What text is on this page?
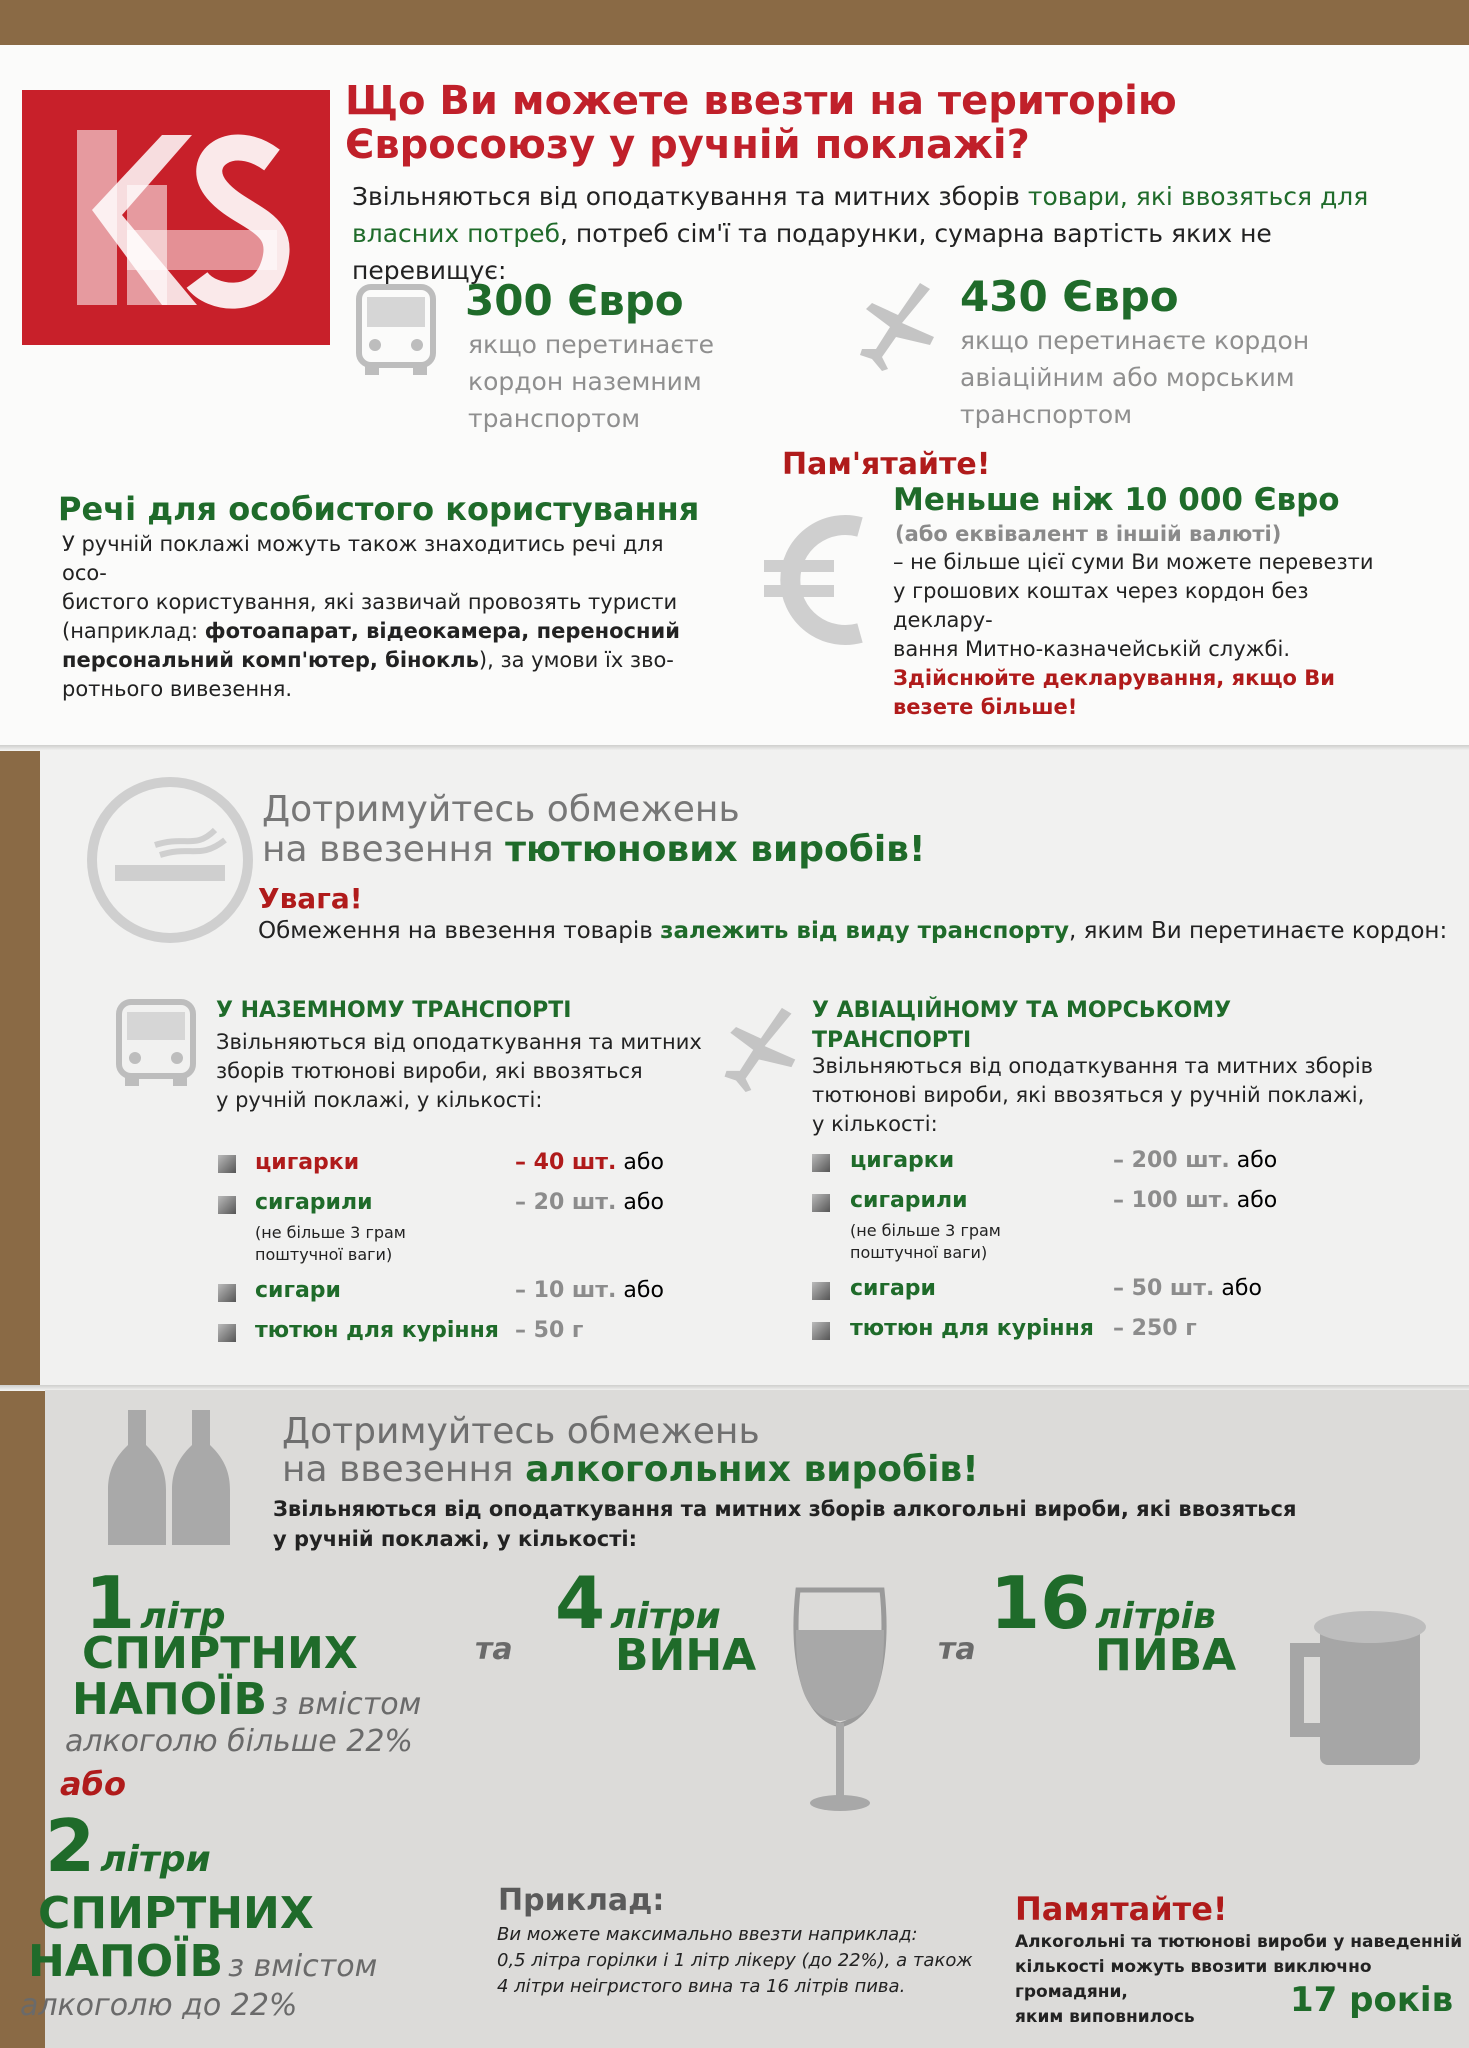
Що Ви можете ввезти на територію
Євросоюзу у ручній поклажі?
Звільняються від оподаткування та митних зборів товари, які ввозяться для
власних потреб, потреб сім'ї та подарунки, сумарна вартість яких не перевищує:
300 Євро
якщо перетинаєте
кордон наземним
транспортом
430 Євро
якщо перетинаєте кордон
авіаційним або морським
транспортом
Речі для особистого користування
У ручній поклажі можуть також знаходитись речі для осо-
бистого користування, які зазвичай провозять туристи
(наприклад: фотоапарат, відеокамера, переносний
персональний комп'ютер, бінокль), за умови їх зво-
ротнього вивезення.
Пам'ятайте!
Меньше ніж 10 000 Євро
(або еквівалент в іншій валюті)
– не більше цієї суми Ви можете перевезти
у грошових коштах через кордон без деклару-
вання Митно-казначейській службі.
Здійснюйте декларування, якщо Ви
везете більше!
Дотримуйтесь обмежень
на ввезення тютюнових виробів!
Увага!
Обмеження на ввезення товарів залежить від виду транспорту, яким Ви перетинаєте кордон:
У НАЗЕМНОМУ ТРАНСПОРТІ
Звільняються від оподаткування та митних
зборів тютюнові вироби, які ввозяться
у ручній поклажі, у кількості:
цигарки	– 40 шт. або
сигарили	– 20 шт. або
(не більше 3 грам
поштучної ваги)
сигари	– 10 шт. або
тютюн для куріння – 50 г
У АВІАЦІЙНОМУ ТА МОРСЬКОМУ
ТРАНСПОРТІ
Звільняються від оподаткування та митних зборів
тютюнові вироби, які ввозяться у ручній поклажі,
у кількості:
цигарки	– 200 шт. або
сигарили	– 100 шт. або
(не більше 3 грам
поштучної ваги)
сигари	– 50 шт. або
тютюн для куріння – 250 г
Дотримуйтесь обмежень
на ввезення алкогольних виробів!
Звільняються від оподаткування та митних зборів алкогольні вироби, які ввозяться
у ручній поклажі, у кількості:
1 літр
СПИРТНИХ
НАПОЇВ з вмістом
алкоголю більше 22%
або
2 літри
СПИРТНИХ
НАПОЇВ з вмістом
алкоголю до 22%
та
4 літри
ВИНА	та
16 літрів
ПИВА
Приклад:
Ви можете максимально ввезти наприклад:
0,5 літра горілки і 1 літр лікеру (до 22%), а також
4 літри неігристого вина та 16 літрів пива.
Памятайте!
Алкогольні та тютюнові вироби у наведенній
кількості можуть ввозити виключно громадяни,
яким виповнилось	17 років
